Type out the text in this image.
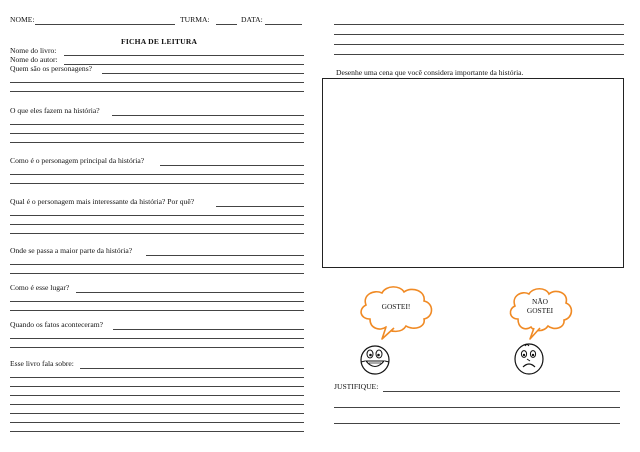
NOME:	TURMA:	DATA:
FICHA DE LEITURA
Nome do livro:
Nome do autor:
Quem são os personagens?
O que eles fazem na história?
Como é o personagem principal da história?
Qual é o personagem mais interessante da história? Por quê?
Onde se passa a maior parte da história?
Como é esse lugar?
Quando os fatos aconteceram?
Esse livro fala sobre:
Desenhe uma cena que você considera importante da história.
GOSTEI!
NÃO
GOSTEI
JUSTIFIQUE:
